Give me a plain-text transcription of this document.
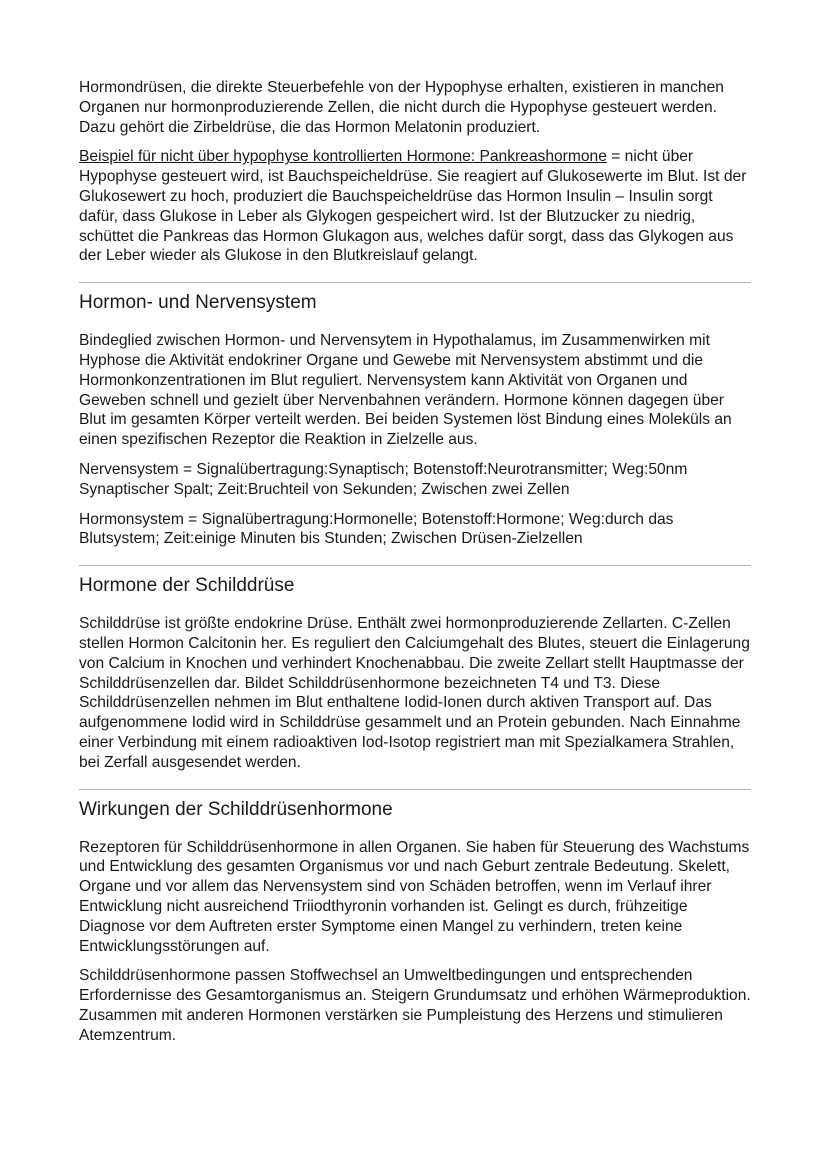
Hormondrüsen, die direkte Steuerbefehle von der Hypophyse erhalten, existieren in manchen Organen nur hormonproduzierende Zellen, die nicht durch die Hypophyse gesteuert werden. Dazu gehört die Zirbeldrüse, die das Hormon Melatonin produziert.

Beispiel für nicht über hypophyse kontrollierten Hormone: Pankreashormone = nicht über Hypophyse gesteuert wird, ist Bauchspeicheldrüse. Sie reagiert auf Glukosewerte im Blut. Ist der Glukosewert zu hoch, produziert die Bauchspeicheldrüse das Hormon Insulin – Insulin sorgt dafür, dass Glukose in Leber als Glykogen gespeichert wird. Ist der Blutzucker zu niedrig, schüttet die Pankreas das Hormon Glukagon aus, welches dafür sorgt, dass das Glykogen aus der Leber wieder als Glukose in den Blutkreislauf gelangt.

Hormon- und Nervensystem

Bindeglied zwischen Hormon- und Nervensytem in Hypothalamus, im Zusammenwirken mit Hyphose die Aktivität endokriner Organe und Gewebe mit Nervensystem abstimmt und die Hormonkonzentrationen im Blut reguliert. Nervensystem kann Aktivität von Organen und Geweben schnell und gezielt über Nervenbahnen verändern. Hormone können dagegen über Blut im gesamten Körper verteilt werden. Bei beiden Systemen löst Bindung eines Moleküls an einen spezifischen Rezeptor die Reaktion in Zielzelle aus.

Nervensystem = Signalübertragung:Synaptisch; Botenstoff:Neurotransmitter; Weg:50nm Synaptischer Spalt; Zeit:Bruchteil von Sekunden; Zwischen zwei Zellen

Hormonsystem = Signalübertragung:Hormonelle; Botenstoff:Hormone; Weg:durch das Blutsystem; Zeit:einige Minuten bis Stunden; Zwischen Drüsen-Zielzellen

Hormone der Schilddrüse

Schilddrüse ist größte endokrine Drüse. Enthält zwei hormonproduzierende Zellarten. C-Zellen stellen Hormon Calcitonin her. Es reguliert den Calciumgehalt des Blutes, steuert die Einlagerung von Calcium in Knochen und verhindert Knochenabbau. Die zweite Zellart stellt Hauptmasse der Schilddrüsenzellen dar. Bildet Schilddrüsenhormone bezeichneten T4 und T3. Diese Schilddrüsenzellen nehmen im Blut enthaltene Iodid-Ionen durch aktiven Transport auf. Das aufgenommene Iodid wird in Schilddrüse gesammelt und an Protein gebunden. Nach Einnahme einer Verbindung mit einem radioaktiven Iod-Isotop registriert man mit Spezialkamera Strahlen, bei Zerfall ausgesendet werden.

Wirkungen der Schilddrüsenhormone

Rezeptoren für Schilddrüsenhormone in allen Organen. Sie haben für Steuerung des Wachstums und Entwicklung des gesamten Organismus vor und nach Geburt zentrale Bedeutung. Skelett, Organe und vor allem das Nervensystem sind von Schäden betroffen, wenn im Verlauf ihrer Entwicklung nicht ausreichend Triiodthyronin vorhanden ist. Gelingt es durch, frühzeitige Diagnose vor dem Auftreten erster Symptome einen Mangel zu verhindern, treten keine Entwicklungsstörungen auf.

Schilddrüsenhormone passen Stoffwechsel an Umweltbedingungen und entsprechenden Erfordernisse des Gesamtorganismus an. Steigern Grundumsatz und erhöhen Wärmeproduktion. Zusammen mit anderen Hormonen verstärken sie Pumpleistung des Herzens und stimulieren Atemzentrum.
